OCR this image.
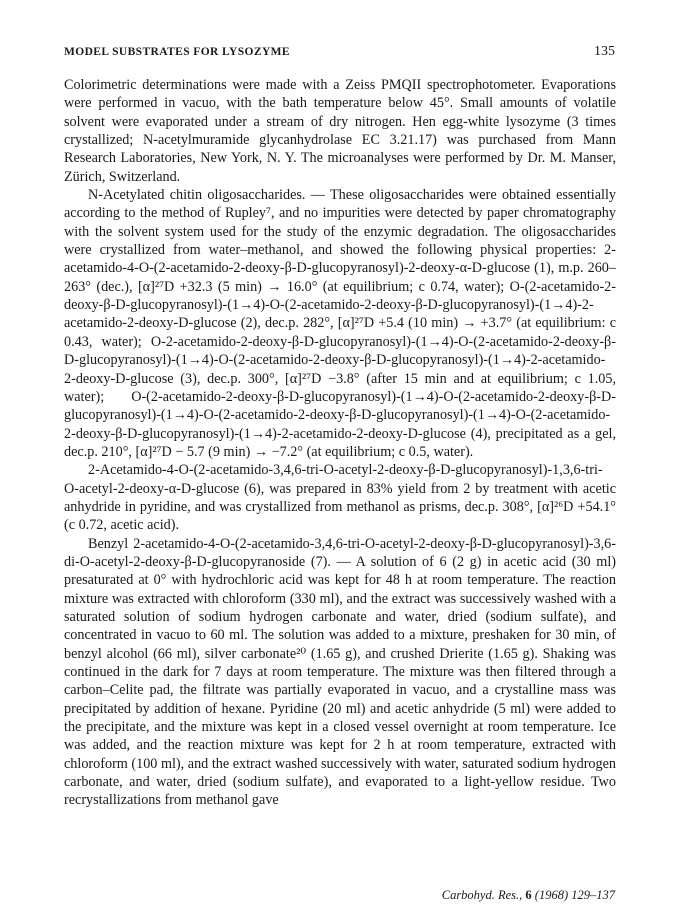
MODEL SUBSTRATES FOR LYSOZYME	135

Colorimetric determinations were made with a Zeiss PMQII spectrophotometer. Evaporations were performed in vacuo, with the bath temperature below 45°. Small amounts of volatile solvent were evaporated under a stream of dry nitrogen. Hen egg-white lysozyme (3 times crystallized; N-acetylmuramide glycanhydrolase EC 3.21.17) was purchased from Mann Research Laboratories, New York, N. Y. The microanalyses were performed by Dr. M. Manser, Zürich, Switzerland.

N-Acetylated chitin oligosaccharides. — These oligosaccharides were obtained essentially according to the method of Rupley⁷, and no impurities were detected by paper chromatography with the solvent system used for the study of the enzymic degradation. The oligosaccharides were crystallized from water–methanol, and showed the following physical properties: 2-acetamido-4-O-(2-acetamido-2-deoxy-β-D-glucopyranosyl)-2-deoxy-α-D-glucose (1), m.p. 260–263° (dec.), [α]²⁷D +32.3 (5 min) → 16.0° (at equilibrium; c 0.74, water); O-(2-acetamido-2-deoxy-β-D-glucopyranosyl)-(1→4)-O-(2-acetamido-2-deoxy-β-D-glucopyranosyl)-(1→4)-2-acetamido-2-deoxy-D-glucose (2), dec.p. 282°, [α]²⁷D +5.4 (10 min) → +3.7° (at equilibrium: c 0.43, water); O-2-acetamido-2-deoxy-β-D-glucopyranosyl)-(1→4)-O-(2-acetamido-2-deoxy-β-D-glucopyranosyl)-(1→4)-O-(2-acetamido-2-deoxy-β-D-glucopyranosyl)-(1→4)-2-acetamido-2-deoxy-D-glucose (3), dec.p. 300°, [α]²⁷D −3.8° (after 15 min and at equilibrium; c 1.05, water); O-(2-acetamido-2-deoxy-β-D-glucopyranosyl)-(1→4)-O-(2-acetamido-2-deoxy-β-D-glucopyranosyl)-(1→4)-O-(2-acetamido-2-deoxy-β-D-glucopyranosyl)-(1→4)-O-(2-acetamido-2-deoxy-β-D-glucopyranosyl)-(1→4)-2-acetamido-2-deoxy-D-glucose (4), precipitated as a gel, dec.p. 210°, [α]²⁷D − 5.7 (9 min) → −7.2° (at equilibrium; c 0.5, water).

2-Acetamido-4-O-(2-acetamido-3,4,6-tri-O-acetyl-2-deoxy-β-D-glucopyranosyl)-1,3,6-tri-O-acetyl-2-deoxy-α-D-glucose (6), was prepared in 83% yield from 2 by treatment with acetic anhydride in pyridine, and was crystallized from methanol as prisms, dec.p. 308°, [α]²⁶D +54.1° (c 0.72, acetic acid).

Benzyl 2-acetamido-4-O-(2-acetamido-3,4,6-tri-O-acetyl-2-deoxy-β-D-glucopyranosyl)-3,6-di-O-acetyl-2-deoxy-β-D-glucopyranoside (7). — A solution of 6 (2 g) in acetic acid (30 ml) presaturated at 0° with hydrochloric acid was kept for 48 h at room temperature. The reaction mixture was extracted with chloroform (330 ml), and the extract was successively washed with a saturated solution of sodium hydrogen carbonate and water, dried (sodium sulfate), and concentrated in vacuo to 60 ml. The solution was added to a mixture, preshaken for 30 min, of benzyl alcohol (66 ml), silver carbonate²⁰ (1.65 g), and crushed Drierite (1.65 g). Shaking was continued in the dark for 7 days at room temperature. The mixture was then filtered through a carbon–Celite pad, the filtrate was partially evaporated in vacuo, and a crystalline mass was precipitated by addition of hexane. Pyridine (20 ml) and acetic anhydride (5 ml) were added to the precipitate, and the mixture was kept in a closed vessel overnight at room temperature. Ice was added, and the reaction mixture was kept for 2 h at room temperature, extracted with chloroform (100 ml), and the extract washed successively with water, saturated sodium hydrogen carbonate, and water, dried (sodium sulfate), and evaporated to a light-yellow residue. Two recrystallizations from methanol gave

Carbohyd. Res., 6 (1968) 129–137
